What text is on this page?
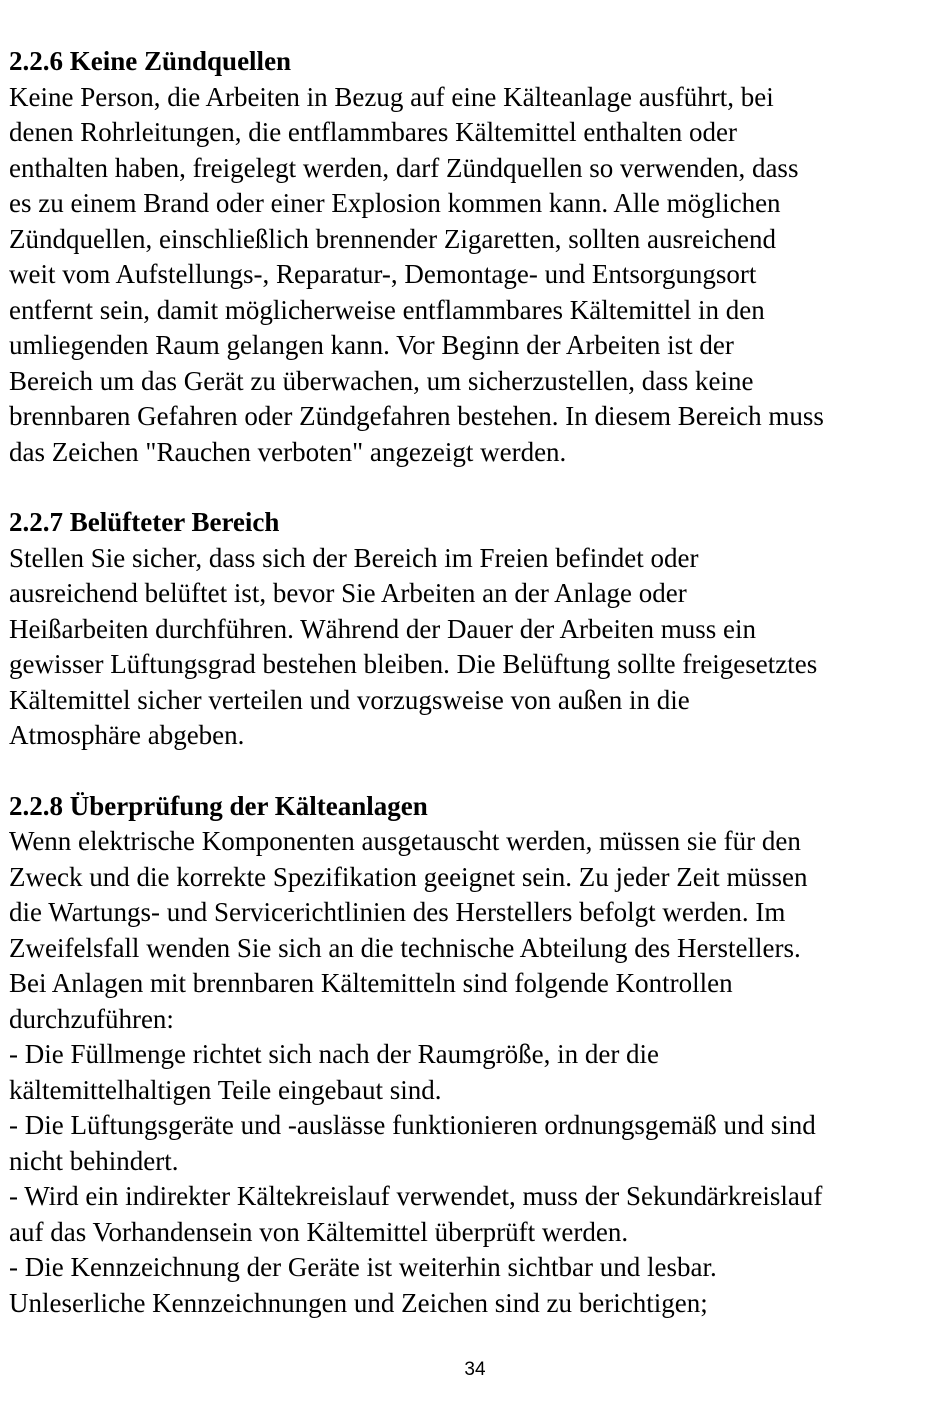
2.2.6 Keine Zündquellen
Keine Person, die Arbeiten in Bezug auf eine Kälteanlage ausführt, bei
denen Rohrleitungen, die entflammbares Kältemittel enthalten oder
enthalten haben, freigelegt werden, darf Zündquellen so verwenden, dass
es zu einem Brand oder einer Explosion kommen kann. Alle möglichen
Zündquellen, einschließlich brennender Zigaretten, sollten ausreichend
weit vom Aufstellungs-, Reparatur-, Demontage- und Entsorgungsort
entfernt sein, damit möglicherweise entflammbares Kältemittel in den
umliegenden Raum gelangen kann. Vor Beginn der Arbeiten ist der
Bereich um das Gerät zu überwachen, um sicherzustellen, dass keine
brennbaren Gefahren oder Zündgefahren bestehen. In diesem Bereich muss
das Zeichen "Rauchen verboten" angezeigt werden.
2.2.7 Belüfteter Bereich
Stellen Sie sicher, dass sich der Bereich im Freien befindet oder
ausreichend belüftet ist, bevor Sie Arbeiten an der Anlage oder
Heißarbeiten durchführen. Während der Dauer der Arbeiten muss ein
gewisser Lüftungsgrad bestehen bleiben. Die Belüftung sollte freigesetztes
Kältemittel sicher verteilen und vorzugsweise von außen in die
Atmosphäre abgeben.
2.2.8 Überprüfung der Kälteanlagen
Wenn elektrische Komponenten ausgetauscht werden, müssen sie für den
Zweck und die korrekte Spezifikation geeignet sein. Zu jeder Zeit müssen
die Wartungs- und Servicerichtlinien des Herstellers befolgt werden. Im
Zweifelsfall wenden Sie sich an die technische Abteilung des Herstellers.
Bei Anlagen mit brennbaren Kältemitteln sind folgende Kontrollen
durchzuführen:
- Die Füllmenge richtet sich nach der Raumgröße, in der die
kältemittelhaltigen Teile eingebaut sind.
- Die Lüftungsgeräte und -auslässe funktionieren ordnungsgemäß und sind
nicht behindert.
- Wird ein indirekter Kältekreislauf verwendet, muss der Sekundärkreislauf
auf das Vorhandensein von Kältemittel überprüft werden.
- Die Kennzeichnung der Geräte ist weiterhin sichtbar und lesbar.
Unleserliche Kennzeichnungen und Zeichen sind zu berichtigen;
34
